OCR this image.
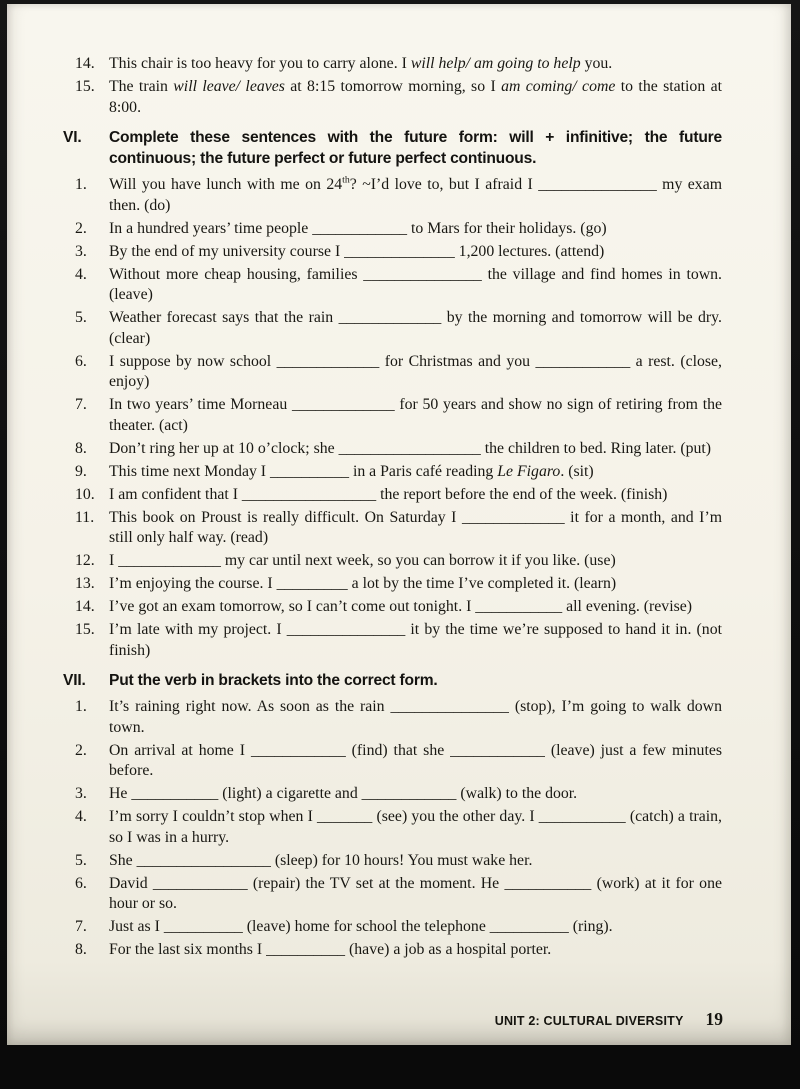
14. This chair is too heavy for you to carry alone. I will help/ am going to help you.
15. The train will leave/ leaves at 8:15 tomorrow morning, so I am coming/ come to the station at 8:00.
VI.	Complete these sentences with the future form: will + infinitive; the future continuous; the future perfect or future perfect continuous.
1.	Will you have lunch with me on 24th? ~I’d love to, but I afraid I _______________ my exam then. (do)
2.	In a hundred years’ time people ____________ to Mars for their holidays. (go)
3.	By the end of my university course I ______________ 1,200 lectures. (attend)
4.	Without more cheap housing, families _______________ the village and find homes in town. (leave)
5.	Weather forecast says that the rain _____________ by the morning and tomorrow will be dry. (clear)
6.	I suppose by now school _____________ for Christmas and you ____________ a rest. (close, enjoy)
7.	In two years’ time Morneau _____________ for 50 years and show no sign of retiring from the theater. (act)
8.	Don’t ring her up at 10 o’clock; she __________________ the children to bed. Ring later. (put)
9.	This time next Monday I __________ in a Paris café reading Le Figaro. (sit)
10. I am confident that I _________________ the report before the end of the week. (finish)
11. This book on Proust is really difficult. On Saturday I _____________ it for a month, and I’m still only half way. (read)
12. I _____________ my car until next week, so you can borrow it if you like. (use)
13. I’m enjoying the course. I _________ a lot by the time I’ve completed it. (learn)
14. I’ve got an exam tomorrow, so I can’t come out tonight. I ___________ all evening. (revise)
15. I’m late with my project. I _______________ it by the time we’re supposed to hand it in. (not finish)
VII.	Put the verb in brackets into the correct form.
1.	It’s raining right now. As soon as the rain _______________ (stop), I’m going to walk down town.
2.	On arrival at home I ____________ (find) that she ____________ (leave) just a few minutes before.
3.	He ___________ (light) a cigarette and ____________ (walk) to the door.
4.	I’m sorry I couldn’t stop when I _______ (see) you the other day. I ___________ (catch) a train, so I was in a hurry.
5.	She _________________ (sleep) for 10 hours! You must wake her.
6.	David ____________ (repair) the TV set at the moment. He ___________ (work) at it for one hour or so.
7.	Just as I __________ (leave) home for school the telephone __________ (ring).
8.	For the last six months I __________ (have) a job as a hospital porter.
UNIT 2: CULTURAL DIVERSITY 19
